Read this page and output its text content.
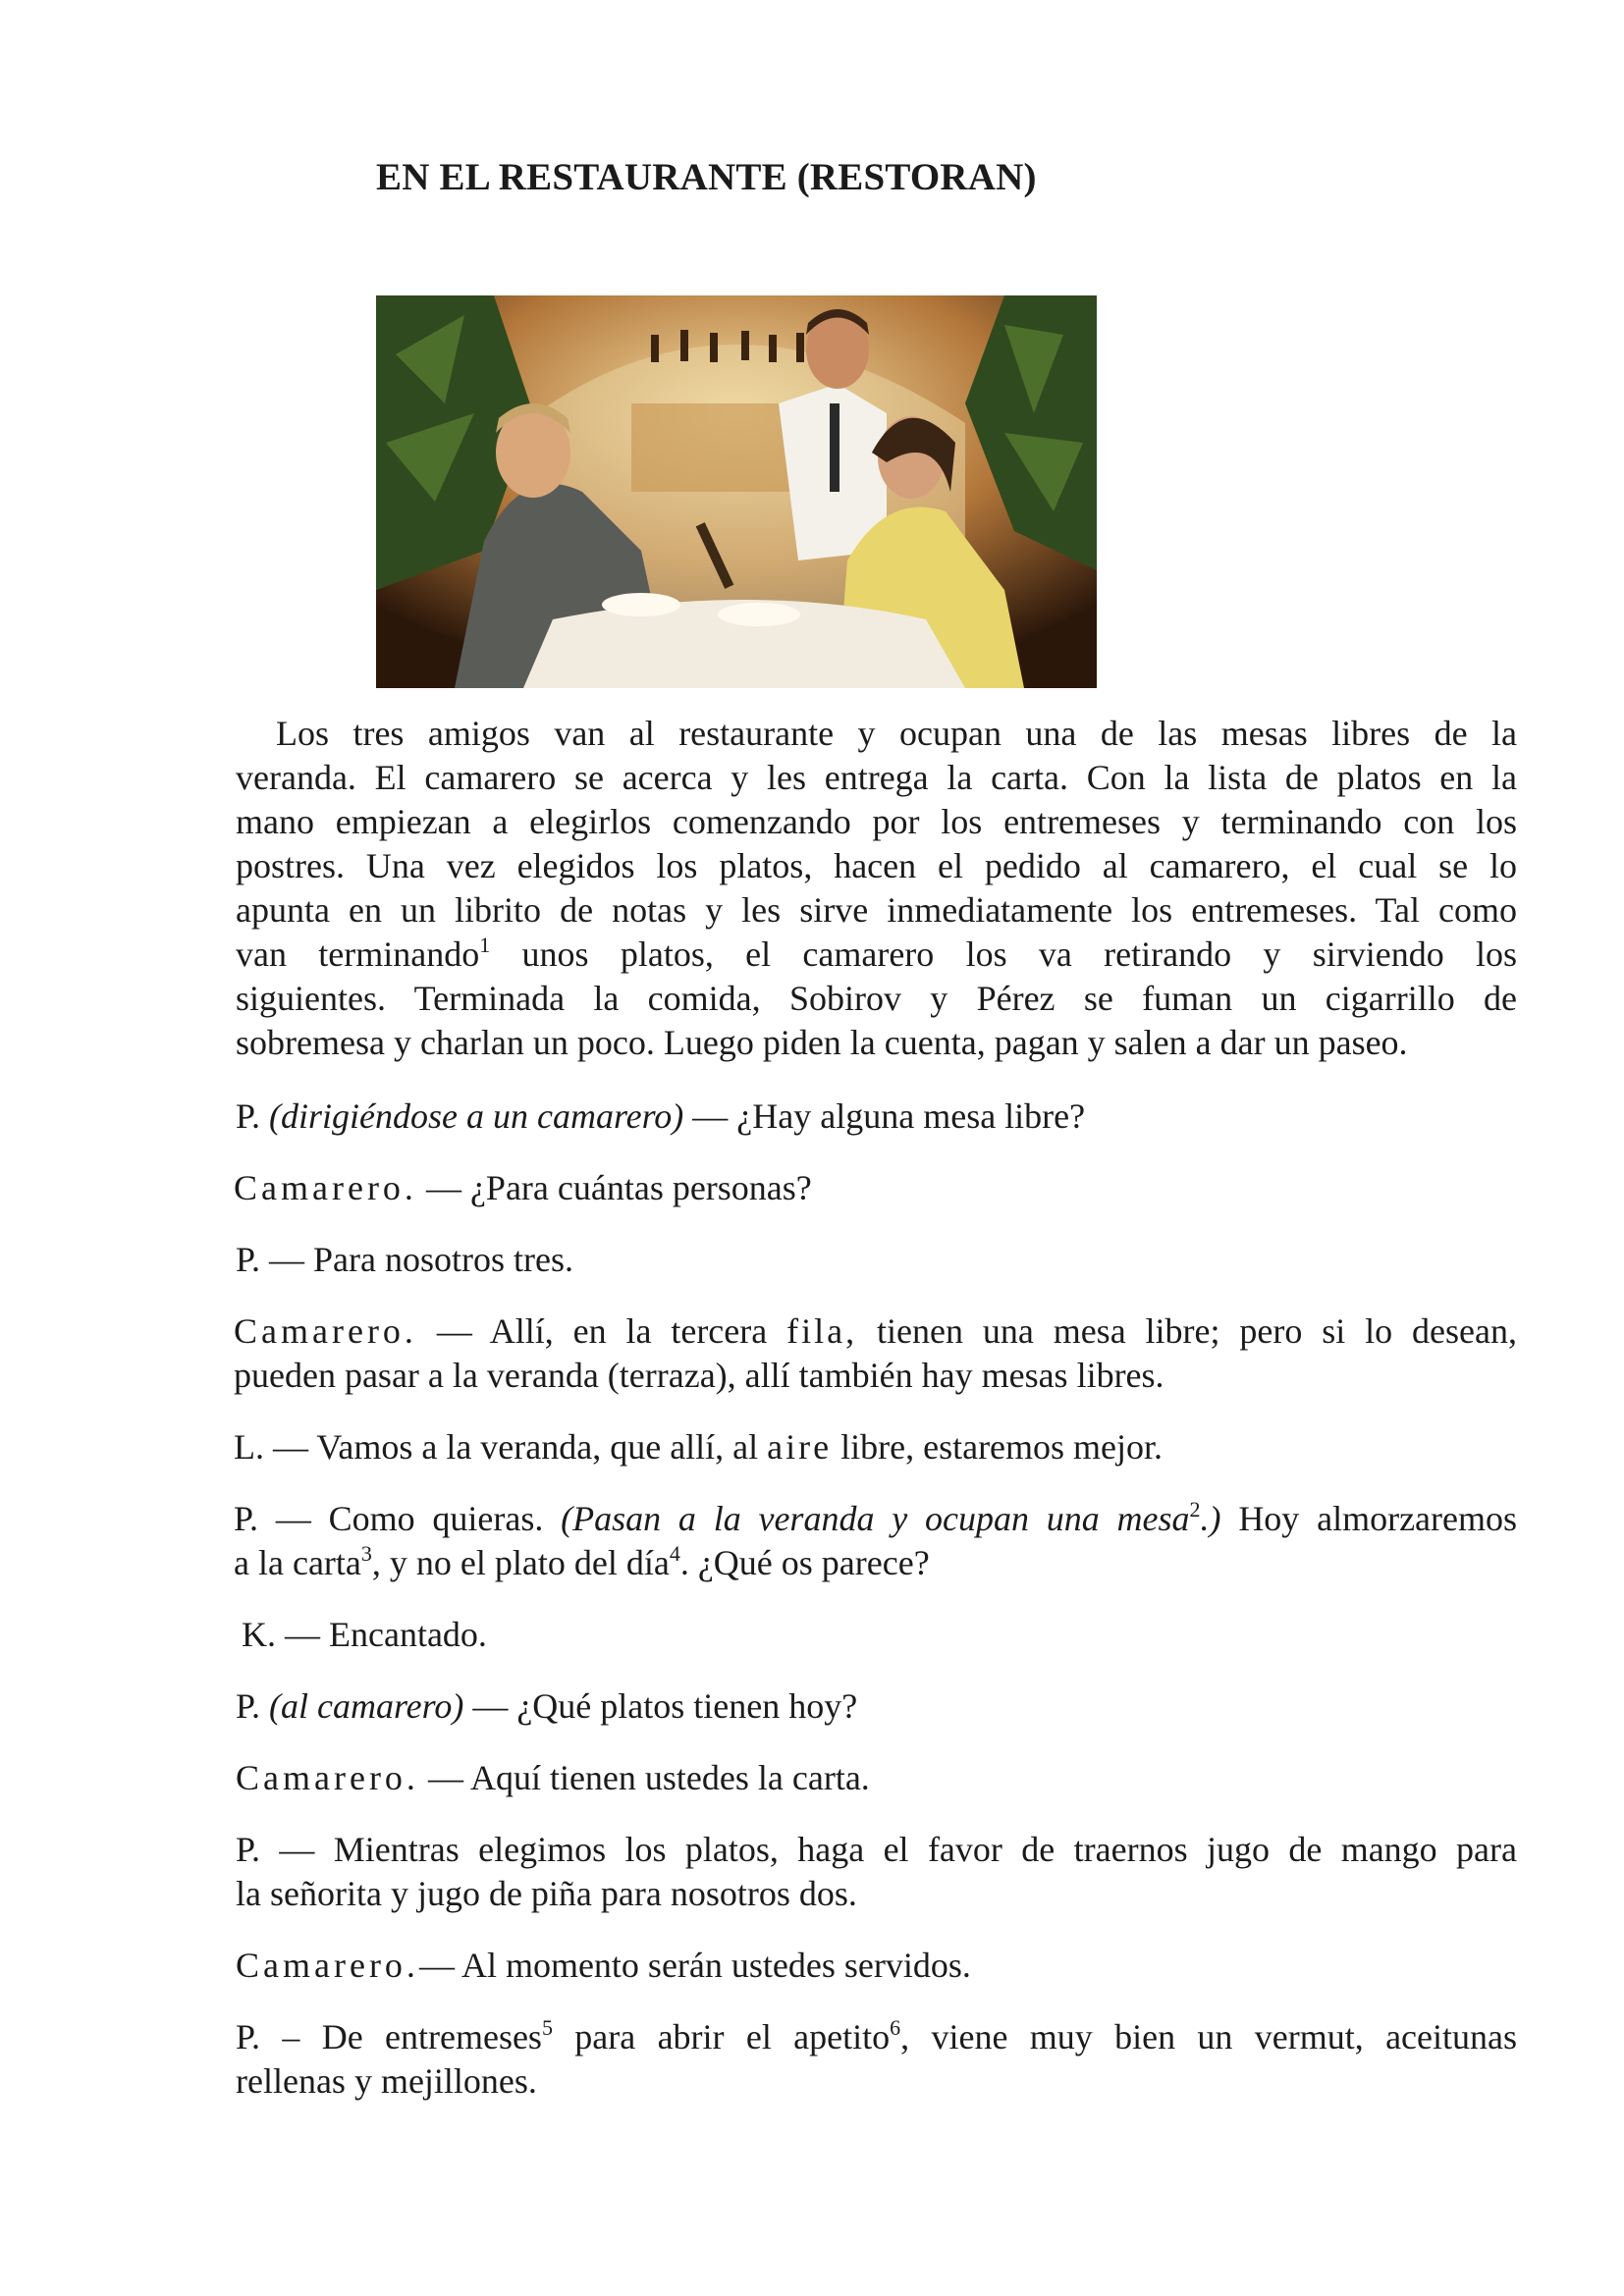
EN EL RESTAURANTE (RESTORAN)
Los tres amigos van al restaurante y ocupan una de las mesas libres de la
veranda. El camarero se acerca y les entrega la carta. Con la lista de platos en la
mano empiezan a elegirlos comenzando por los entremeses y terminando con los
postres. Una vez elegidos los platos, hacen el pedido al camarero, el cual se lo
apunta en un librito de notas y les sirve inmediatamente los entremeses. Tal como
van terminando$^1$ unos platos, el camarero los va retirando y sirviendo los
siguientes. Terminada la comida, Sobirov y Pérez se fuman un cigarrillo de
sobremesa y charlan un poco. Luego piden la cuenta, pagan y salen a dar un paseo.
P. (dirigiéndose a un camarero) — ¿Hay alguna mesa libre?
Camarero. — ¿Para cuántas personas?
P. — Para nosotros tres.
Camarero. — Allí, en la tercera fila, tienen una mesa libre; pero si lo desean,
pueden pasar a la veranda (terraza), allí también hay mesas libres.
L. — Vamos a la veranda, que allí, al aire libre, estaremos mejor.
P. — Como quieras. (Pasan a la veranda y ocupan una mesa$^2$.) Hoy almorzaremos
a la carta$^3$, y no el plato del día$^4$. ¿Qué os parece?
K. — Encantado.
P. (al camarero) — ¿Qué platos tienen hoy?
Camarero. — Aquí tienen ustedes la carta.
P. — Mientras elegimos los platos, haga el favor de traernos jugo de mango para
la señorita y jugo de piña para nosotros dos.
Camarero.— Al momento serán ustedes servidos.
P. – De entremeses$^5$ para abrir el apetito$^6$, viene muy bien un vermut, aceitunas
rellenas y mejillones.
